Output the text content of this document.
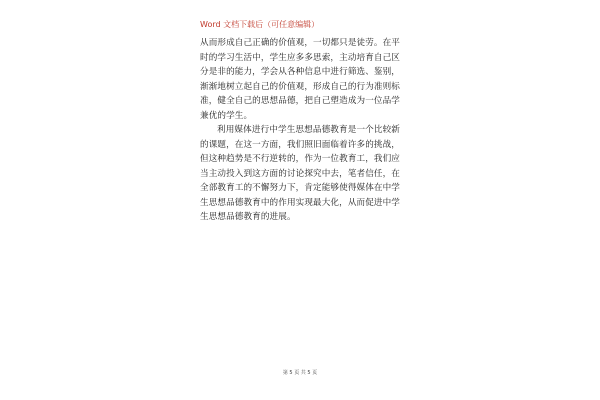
Word 文档下载后（可任意编辑）

从而形成自己正确的价值观，一切都只是徒劳。在平时的学习生活中，学生应多多思索，主动培育自己区分是非的能力，学会从各种信息中进行筛选、鉴别，渐渐地树立起自己的价值观，形成自己的行为准则标准，健全自己的思想品德，把自己塑造成为一位品学兼优的学生。

利用媒体进行中学生思想品德教育是一个比较新的课题，在这一方面，我们照旧面临着许多的挑战，但这种趋势是不行逆转的，作为一位教育工，我们应当主动投入到这方面的讨论探究中去，笔者信任，在全部教育工的不懈努力下，肯定能够使得媒体在中学生思想品德教育中的作用实现最大化，从而促进中学生思想品德教育的进展。

第 5 页 共 5 页
